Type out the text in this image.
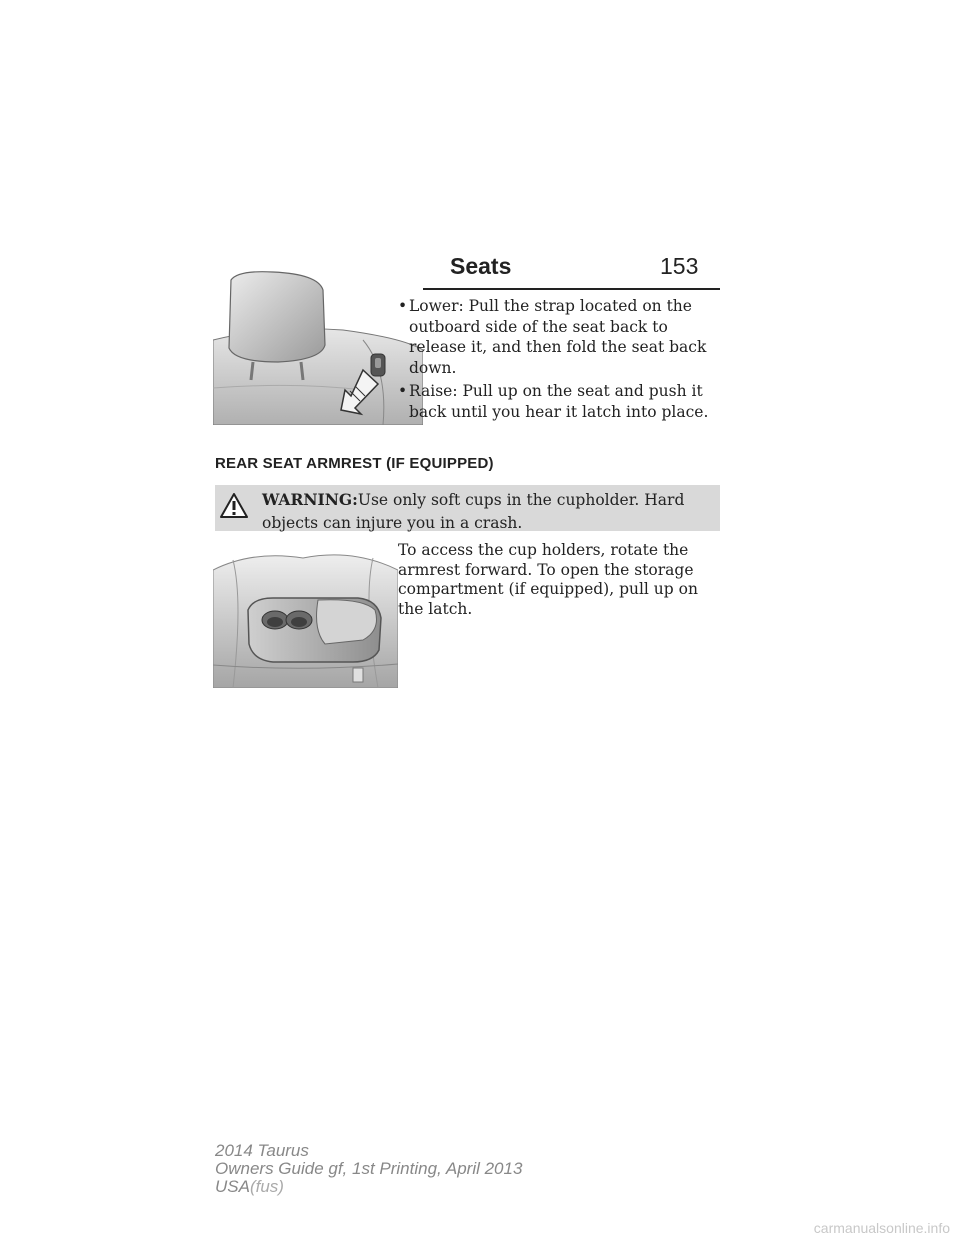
Seats	153
• Lower: Pull the strap located on the outboard side of the seat back to release it, and then fold the seat back down.
• Raise: Pull up on the seat and push it back until you hear it latch into place.
REAR SEAT ARMREST (IF EQUIPPED)
WARNING:Use only soft cups in the cupholder. Hard objects can injure you in a crash.
To access the cup holders, rotate the armrest forward. To open the storage compartment (if equipped), pull up on the latch.
2014 Taurus
Owners Guide gf, 1st Printing, April 2013
USA(fus)
carmanualsonline.info
